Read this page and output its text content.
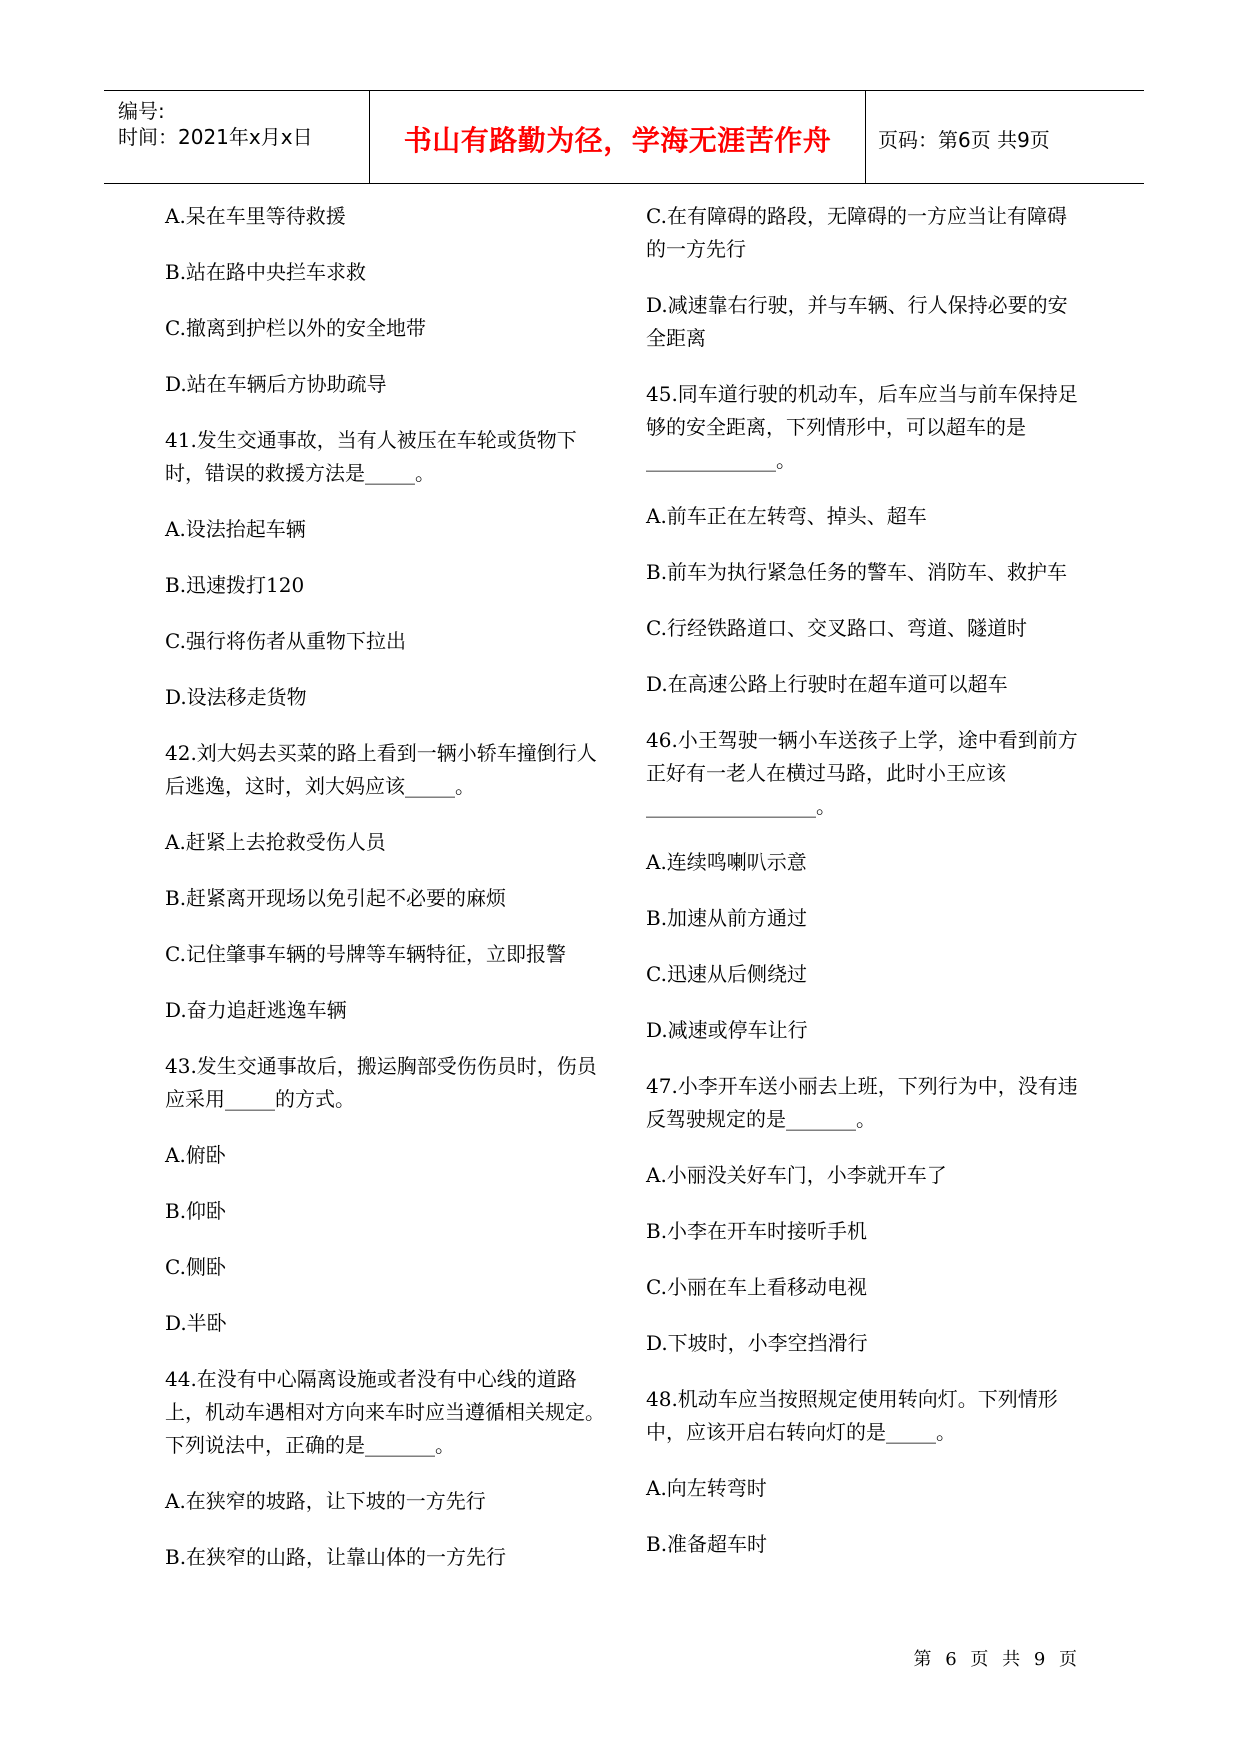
编号:
时间：2021年x月x日	书山有路勤为径，学海无涯苦作舟	页码：第6页 共9页

A.呆在车里等待救援

B.站在路中央拦车求救

C.撤离到护栏以外的安全地带

D.站在车辆后方协助疏导

41.发生交通事故，当有人被压在车轮或货物下时，错误的救援方法是_____。

A.设法抬起车辆

B.迅速拨打120

C.强行将伤者从重物下拉出

D.设法移走货物

42.刘大妈去买菜的路上看到一辆小轿车撞倒行人后逃逸，这时，刘大妈应该_____。

A.赶紧上去抢救受伤人员

B.赶紧离开现场以免引起不必要的麻烦

C.记住肇事车辆的号牌等车辆特征，立即报警

D.奋力追赶逃逸车辆

43.发生交通事故后，搬运胸部受伤伤员时，伤员应采用_____的方式。

A.俯卧

B.仰卧

C.侧卧

D.半卧

44.在没有中心隔离设施或者没有中心线的道路上，机动车遇相对方向来车时应当遵循相关规定。下列说法中，正确的是_______。

A.在狭窄的坡路，让下坡的一方先行

B.在狭窄的山路，让靠山体的一方先行

C.在有障碍的路段，无障碍的一方应当让有障碍的一方先行

D.减速靠右行驶，并与车辆、行人保持必要的安全距离

45.同车道行驶的机动车，后车应当与前车保持足够的安全距离，下列情形中，可以超车的是_____________。

A.前车正在左转弯、掉头、超车

B.前车为执行紧急任务的警车、消防车、救护车

C.行经铁路道口、交叉路口、弯道、隧道时

D.在高速公路上行驶时在超车道可以超车

46.小王驾驶一辆小车送孩子上学，途中看到前方正好有一老人在横过马路，此时小王应该_________________。

A.连续鸣喇叭示意

B.加速从前方通过

C.迅速从后侧绕过

D.减速或停车让行

47.小李开车送小丽去上班，下列行为中，没有违反驾驶规定的是_______。

A.小丽没关好车门，小李就开车了

B.小李在开车时接听手机

C.小丽在车上看移动电视

D.下坡时，小李空挡滑行

48.机动车应当按照规定使用转向灯。下列情形中，应该开启右转向灯的是_____。

A.向左转弯时

B.准备超车时

第 6 页 共 9 页
